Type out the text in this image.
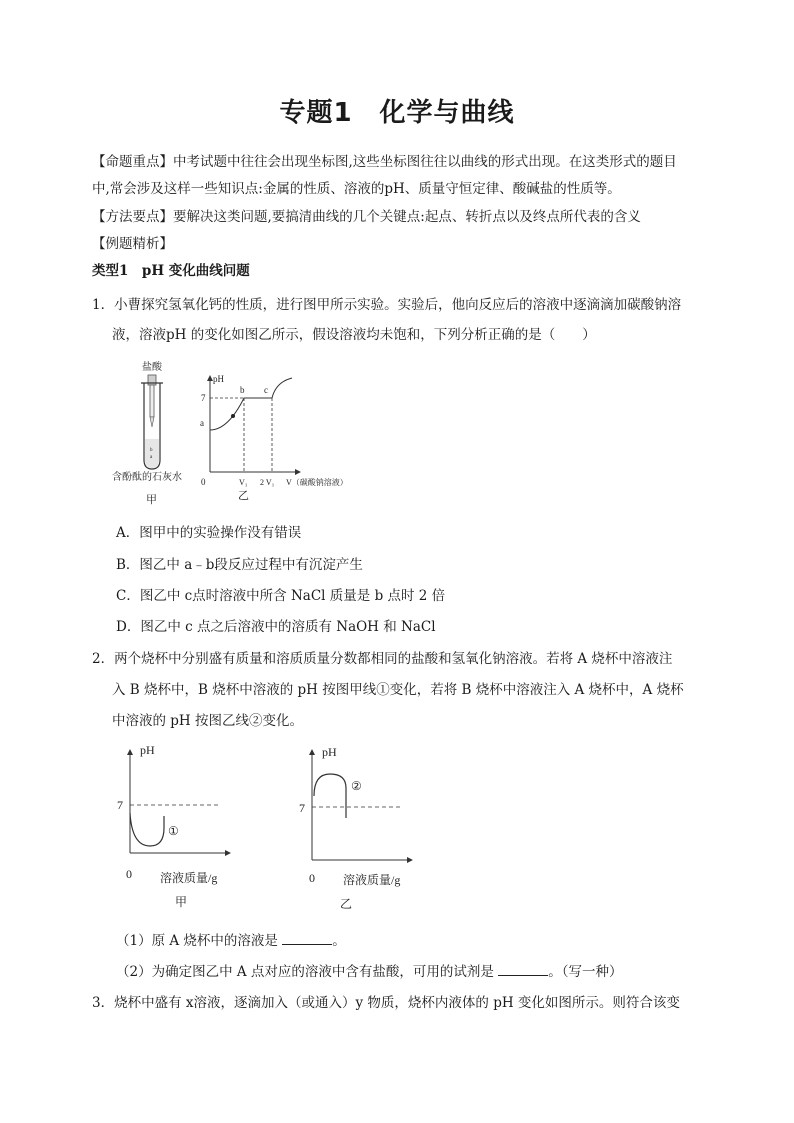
专题1　化学与曲线
【命题重点】中考试题中往往会出现坐标图,这些坐标图往往以曲线的形式出现。在这类形式的题目
中,常会涉及这样一些知识点:金属的性质、溶液的pH、质量守恒定律、酸碱盐的性质等。
【方法要点】要解决这类问题,要搞清曲线的几个关键点:起点、转折点以及终点所代表的含义
【例题精析】
类型1　pH 变化曲线问题
1．小曹探究氢氧化钙的性质，进行图甲所示实验。实验后，他向反应后的溶液中逐滴滴加碳酸钠溶
液，溶液pH 的变化如图乙所示，假设溶液均未饱和，下列分析正确的是（　　）
盐酸
b
a
含酚酞的石灰水
甲
pH
7
0
a
b c
V₁ 2 V₁ V（碳酸钠溶液）
乙
A．图甲中的实验操作没有错误
B．图乙中 a﹣b段反应过程中有沉淀产生
C．图乙中 c点时溶液中所含 NaCl 质量是 b 点时 2 倍
D．图乙中 c 点之后溶液中的溶质有 NaOH 和 NaCl
2．两个烧杯中分别盛有质量和溶质质量分数都相同的盐酸和氢氧化钠溶液。若将 A 烧杯中溶液注
入 B 烧杯中，B 烧杯中溶液的 pH 按图甲线①变化，若将 B 烧杯中溶液注入 A 烧杯中，A 烧杯
中溶液的 pH 按图乙线②变化。
pH
7
①
0 溶液质量/g
甲
pH
7
②
0 溶液质量/g
乙
（1）原 A 烧杯中的溶液是	。
（2）为确定图乙中 A 点对应的溶液中含有盐酸，可用的试剂是	。（写一种）
3．烧杯中盛有 x溶液，逐滴加入（或通入）y 物质，烧杯内液体的 pH 变化如图所示。则符合该变
